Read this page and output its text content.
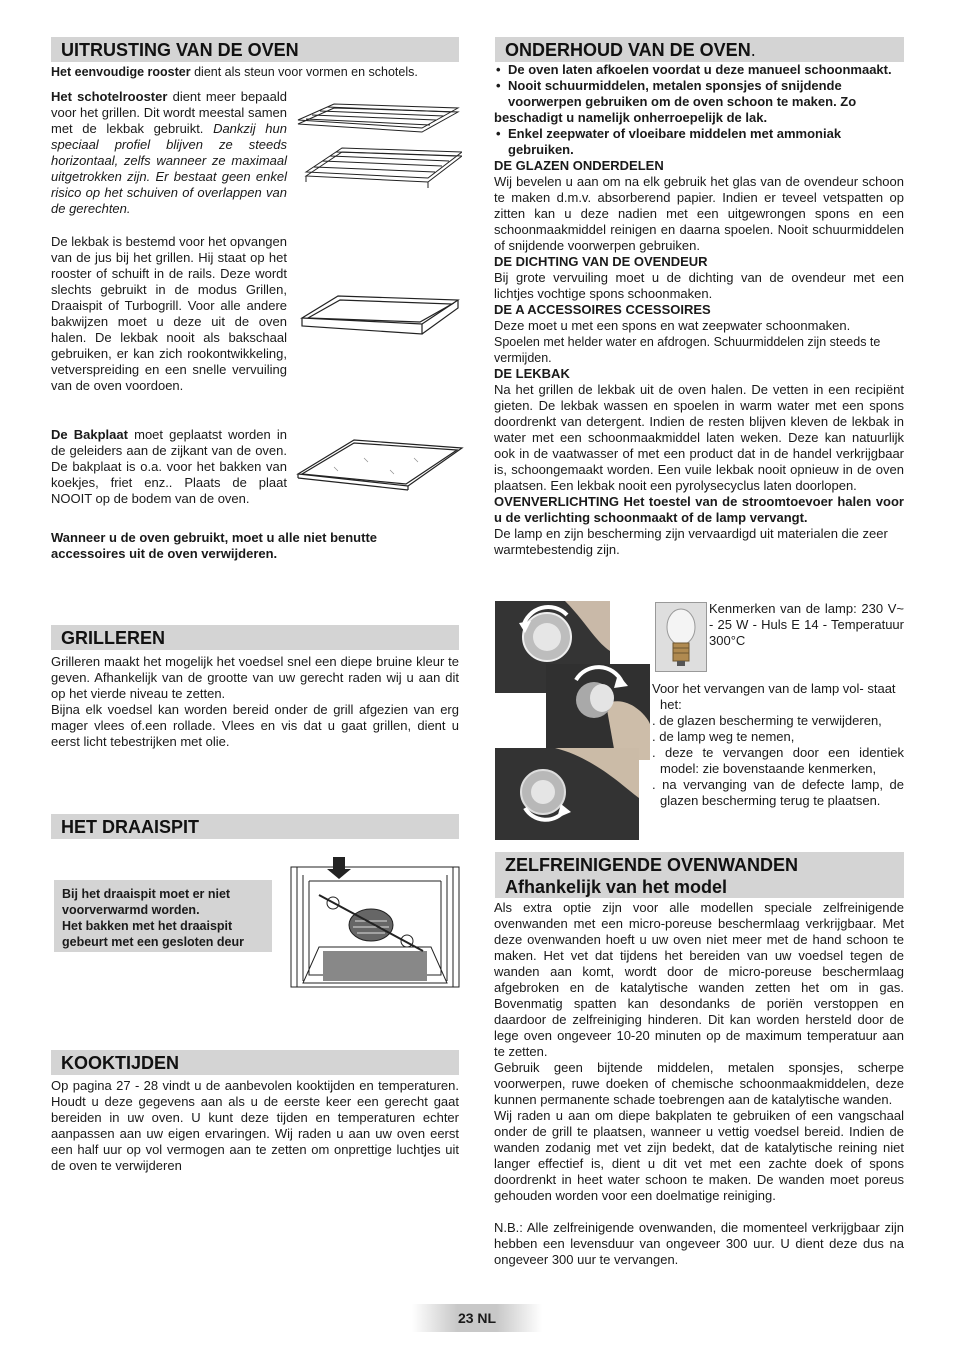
UITRUSTING VAN DE OVEN

Het eenvoudige rooster dient als steun voor vormen en schotels.

Het schotelrooster dient meer bepaald voor het grillen. Dit wordt meestal samen met de lekbak gebruikt. Dankzij hun speciaal profiel blijven ze steeds horizontaal, zelfs wanneer ze maximaal uitgetrokken zijn. Er bestaat geen enkel risico op het schuiven of overlappen van de gerechten.

De lekbak is bestemd voor het opvangen van de jus bij het grillen. Hij staat op het rooster of schuift in de rails. Deze wordt slechts gebruikt in de modus Grillen, Draaispit of Turbogrill. Voor alle andere bakwijzen moet u deze uit de oven halen. De lekbak nooit als bakschaal gebruiken, er kan zich rookontwikkeling, vetverspreiding en een snelle vervuiling van de oven voordoen.

De Bakplaat moet geplaatst worden in de geleiders aan de zijkant van de oven. De bakplaat is o.a. voor het bakken van koekjes, friet enz.. Plaats de plaat NOOIT op de bodem van de oven.

Wanneer u de oven gebruikt, moet u alle niet benutte accessoires uit de oven verwijderen.

GRILLEREN

Grilleren maakt het mogelijk het voedsel snel een diepe bruine kleur te geven. Afhankelijk van de grootte van uw gerecht raden wij u aan dit op het vierde niveau te zetten.

Bijna elk voedsel kan worden bereid onder de grill afgezien van erg mager vlees of.een rollade. Vlees en vis dat u gaat grillen, dient u eerst licht tebestrijken met olie.

HET DRAAISPIT

Bij het draaispit moet er niet voorverwarmd worden.

Het bakken met het draaispit gebeurt met een gesloten deur

KOOKTIJDEN

Op pagina 27 - 28 vindt u de aanbevolen kooktijden en temperaturen. Houdt u deze gegevens aan als u de eerste keer een gerecht gaat bereiden in uw oven. U kunt deze tijden en temperaturen echter aanpassen aan uw eigen ervaringen. Wij raden u aan uw oven eerst een half uur op vol vermogen aan te zetten om onprettige luchtjes uit de oven te verwijderen

ONDERHOUD VAN DE OVEN.
• De oven laten afkoelen voordat u deze manueel schoonmaakt.
• Nooit schuurmiddelen, metalen sponsjes of snijdende voorwerpen gebruiken om de oven schoon te maken. Zo

beschadigt u namelijk onherroepelijk de lak.

• Enkel zeepwater of vloeibare middelen met ammoniak gebruiken.

DE GLAZEN ONDERDELEN

Wij bevelen u aan om na elk gebruik het glas van de ovendeur schoon te maken d.m.v. absorberend papier. Indien er teveel vetspatten op zitten kan u deze nadien met een uitgewrongen spons en een schoonmaakmiddel reinigen en daarna spoelen. Nooit schuurmiddelen of snijdende voorwerpen gebruiken.

DE DICHTING VAN DE OVENDEUR

Bij grote vervuiling moet u de dichting van de ovendeur met een lichtjes vochtige spons schoonmaken.

DE A ACCESSOIRES CCESSOIRES

Deze moet u met een spons en wat zeepwater schoonmaken.

Spoelen met helder water en afdrogen. Schuurmiddelen zijn steeds te vermijden.

DE LEKBAK

Na het grillen de lekbak uit de oven halen. De vetten in een recipiënt gieten. De lekbak wassen en spoelen in warm water met een spons doordrenkt van detergent. Indien de resten blijven kleven de lekbak in water met een schoonmaakmiddel laten weken. Deze kan natuurlijk ook in de vaatwasser of met een product dat in de handel verkrijgbaar is, schoongemaakt worden. Een vuile lekbak nooit opnieuw in de oven plaatsen. Een lekbak nooit een pyrolysecyclus laten doorlopen.

OVENVERLICHTING Het toestel van de stroomtoevoer halen voor u de verlichting schoonmaakt of de lamp vervangt.

De lamp en zijn bescherming zijn vervaardigd uit materialen die zeer warmtebestendig zijn.

Kenmerken van de lamp: 230 V~ - 25 W - Huls E 14 - Temperatuur 300°C

Voor het vervangen van de lamp vol- staat het:

. de glazen bescherming te verwijderen,

. de lamp weg te nemen,

. deze te vervangen door een identiek model: zie bovenstaande kenmerken,

. na vervanging van de defecte lamp, de glazen bescherming terug te plaatsen.

ZELFREINIGENDE OVENWANDEN
Afhankelijk van het model

Als extra optie zijn voor alle modellen speciale zelfreinigende ovenwanden met een micro-poreuse beschermlaag verkrijgbaar. Met deze ovenwanden hoeft u uw oven niet meer met de hand schoon te maken. Het vet dat tijdens het bereiden van uw voedsel tegen de wanden aan komt, wordt door de micro-poreuse beschermlaag afgebroken en de katalytische wanden zetten het om in gas. Bovenmatig spatten kan desondanks de poriën verstoppen en daardoor de zelfreiniging hinderen. Dit kan worden hersteld door de lege oven ongeveer 10-20 minuten op de maximum temperatuur aan te zetten.

Gebruik geen bijtende middelen, metalen sponsjes, scherpe voorwerpen, ruwe doeken of chemische schoonmaakmiddelen, deze kunnen permanente schade toebrengen aan de katalytische wanden.

Wij raden u aan om diepe bakplaten te gebruiken of een vangschaal onder de grill te plaatsen, wanneer u vettig voedsel bereid. Indien de wanden zodanig met vet zijn bedekt, dat de katalytische reining niet langer effectief is, dient u dit vet met een zachte doek of spons doordrenkt in heet water schoon te maken. De wanden moet poreus gehouden worden voor een doelmatige reiniging.

N.B.: Alle zelfreinigende ovenwanden, die momenteel verkrijgbaar zijn hebben een levensduur van ongeveer 300 uur. U dient deze dus na ongeveer 300 uur te vervangen.

23 NL
